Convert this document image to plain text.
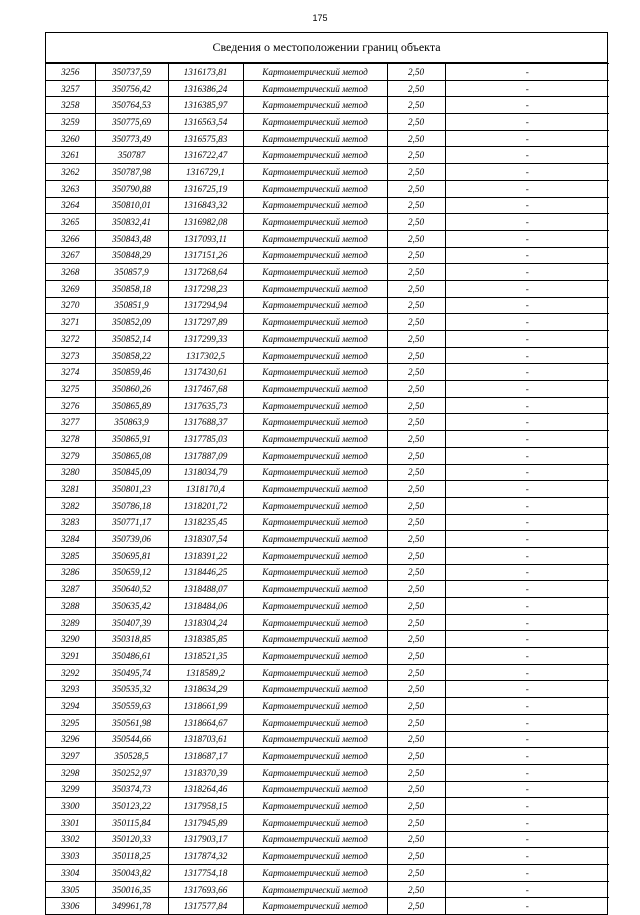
175
Сведения о местоположении границ объекта
3256	350737,59	1316173,81	Картометрический метод	2,50	-
3257	350756,42	1316386,24	Картометрический метод	2,50	-
3258	350764,53	1316385,97	Картометрический метод	2,50	-
3259	350775,69	1316563,54	Картометрический метод	2,50	-
3260	350773,49	1316575,83	Картометрический метод	2,50	-
3261	350787	1316722,47	Картометрический метод	2,50	-
3262	350787,98	1316729,1	Картометрический метод	2,50	-
3263	350790,88	1316725,19	Картометрический метод	2,50	-
3264	350810,01	1316843,32	Картометрический метод	2,50	-
3265	350832,41	1316982,08	Картометрический метод	2,50	-
3266	350843,48	1317093,11	Картометрический метод	2,50	-
3267	350848,29	1317151,26	Картометрический метод	2,50	-
3268	350857,9	1317268,64	Картометрический метод	2,50	-
3269	350858,18	1317298,23	Картометрический метод	2,50	-
3270	350851,9	1317294,94	Картометрический метод	2,50	-
3271	350852,09	1317297,89	Картометрический метод	2,50	-
3272	350852,14	1317299,33	Картометрический метод	2,50	-
3273	350858,22	1317302,5	Картометрический метод	2,50	-
3274	350859,46	1317430,61	Картометрический метод	2,50	-
3275	350860,26	1317467,68	Картометрический метод	2,50	-
3276	350865,89	1317635,73	Картометрический метод	2,50	-
3277	350863,9	1317688,37	Картометрический метод	2,50	-
3278	350865,91	1317785,03	Картометрический метод	2,50	-
3279	350865,08	1317887,09	Картометрический метод	2,50	-
3280	350845,09	1318034,79	Картометрический метод	2,50	-
3281	350801,23	1318170,4	Картометрический метод	2,50	-
3282	350786,18	1318201,72	Картометрический метод	2,50	-
3283	350771,17	1318235,45	Картометрический метод	2,50	-
3284	350739,06	1318307,54	Картометрический метод	2,50	-
3285	350695,81	1318391,22	Картометрический метод	2,50	-
3286	350659,12	1318446,25	Картометрический метод	2,50	-
3287	350640,52	1318488,07	Картометрический метод	2,50	-
3288	350635,42	1318484,06	Картометрический метод	2,50	-
3289	350407,39	1318304,24	Картометрический метод	2,50	-
3290	350318,85	1318385,85	Картометрический метод	2,50	-
3291	350486,61	1318521,35	Картометрический метод	2,50	-
3292	350495,74	1318589,2	Картометрический метод	2,50	-
3293	350535,32	1318634,29	Картометрический метод	2,50	-
3294	350559,63	1318661,99	Картометрический метод	2,50	-
3295	350561,98	1318664,67	Картометрический метод	2,50	-
3296	350544,66	1318703,61	Картометрический метод	2,50	-
3297	350528,5	1318687,17	Картометрический метод	2,50	-
3298	350252,97	1318370,39	Картометрический метод	2,50	-
3299	350374,73	1318264,46	Картометрический метод	2,50	-
3300	350123,22	1317958,15	Картометрический метод	2,50	-
3301	350115,84	1317945,89	Картометрический метод	2,50	-
3302	350120,33	1317903,17	Картометрический метод	2,50	-
3303	350118,25	1317874,32	Картометрический метод	2,50	-
3304	350043,82	1317754,18	Картометрический метод	2,50	-
3305	350016,35	1317693,66	Картометрический метод	2,50	-
3306	349961,78	1317577,84	Картометрический метод	2,50	-
